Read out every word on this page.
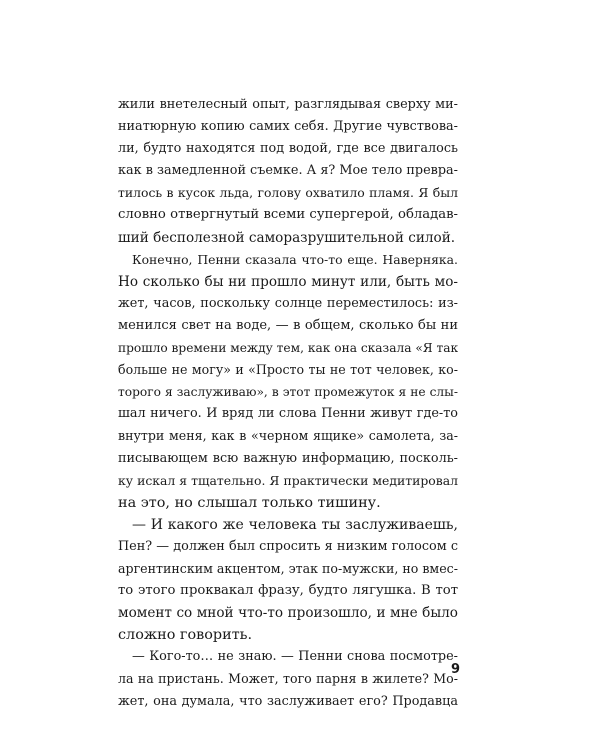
жили внетелесный опыт, разглядывая сверху ми-
ниатюрную копию самих себя. Другие чувствова-
ли, будто находятся под водой, где все двигалось
как в замедленной съемке. А я? Мое тело превра-
тилось в кусок льда, голову охватило пламя. Я был
словно отвергнутый всеми супергерой, обладав-
ший бесполезной саморазрушительной силой.
Конечно, Пенни сказала что-то еще. Наверняка.
Но сколько бы ни прошло минут или, быть мо-
жет, часов, поскольку солнце переместилось: из-
менился свет на воде, — в общем, сколько бы ни
прошло времени между тем, как она сказала «Я так
больше не могу» и «Просто ты не тот человек, ко-
торого я заслуживаю», в этот промежуток я не слы-
шал ничего. И вряд ли слова Пенни живут где-то
внутри меня, как в «черном ящике» самолета, за-
писывающем всю важную информацию, посколь-
ку искал я тщательно. Я практически медитировал
на это, но слышал только тишину.
— И какого же человека ты заслуживаешь,
Пен? — должен был спросить я низким голосом с
аргентинским акцентом, этак по-мужски, но вмес-
то этого проквакал фразу, будто лягушка. В тот
момент со мной что-то произошло, и мне было
сложно говорить.
— Кого-то… не знаю. — Пенни снова посмотре-
ла на пристань. Может, того парня в жилете? Мо-
жет, она думала, что заслуживает его? Продавца
9
